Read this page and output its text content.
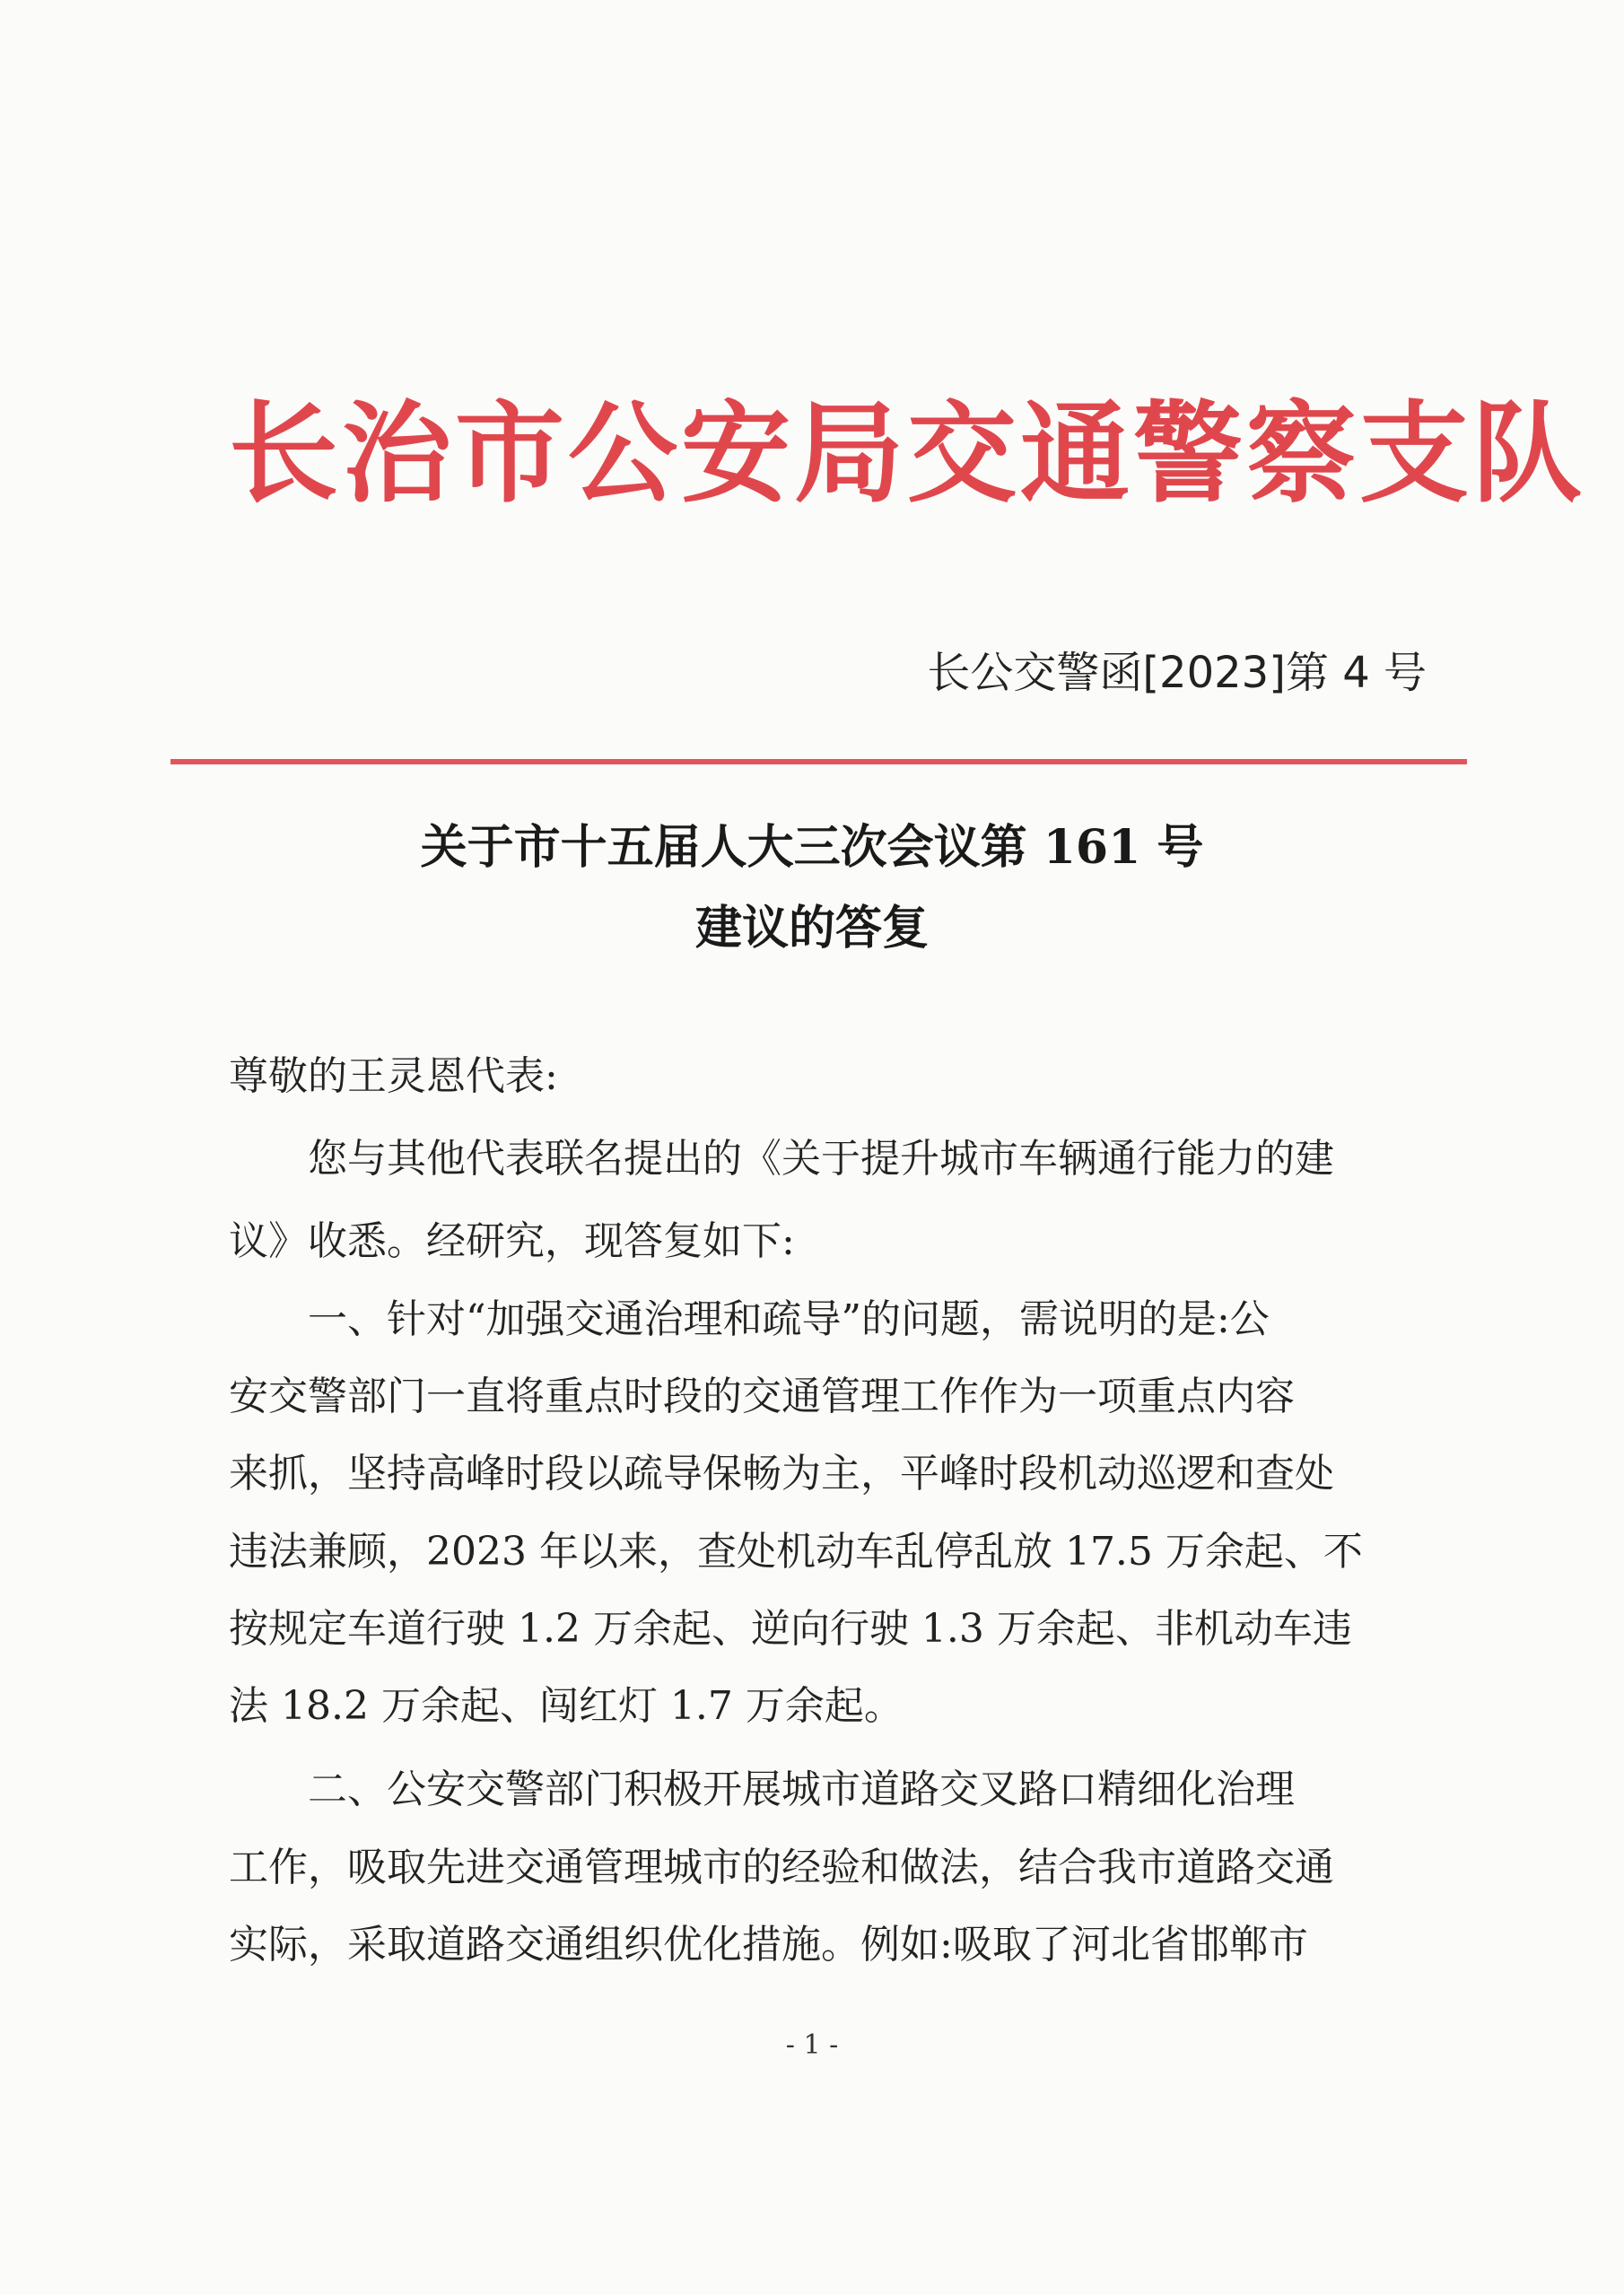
长治市公安局交通警察支队
长公交警函[2023]第 4 号
关于市十五届人大三次会议第 161 号
建议的答复
尊敬的王灵恩代表:
　　您与其他代表联名提出的《关于提升城市车辆通行能力的建
议》收悉。经研究，现答复如下:
　　一、针对“加强交通治理和疏导”的问题，需说明的是:公
安交警部门一直将重点时段的交通管理工作作为一项重点内容
来抓，坚持高峰时段以疏导保畅为主，平峰时段机动巡逻和查处
违法兼顾，2023 年以来，查处机动车乱停乱放 17.5 万余起、不
按规定车道行驶 1.2 万余起、逆向行驶 1.3 万余起、非机动车违
法 18.2 万余起、闯红灯 1.7 万余起。
　　二、公安交警部门积极开展城市道路交叉路口精细化治理
工作，吸取先进交通管理城市的经验和做法，结合我市道路交通
实际，采取道路交通组织优化措施。例如:吸取了河北省邯郸市
- 1 -
